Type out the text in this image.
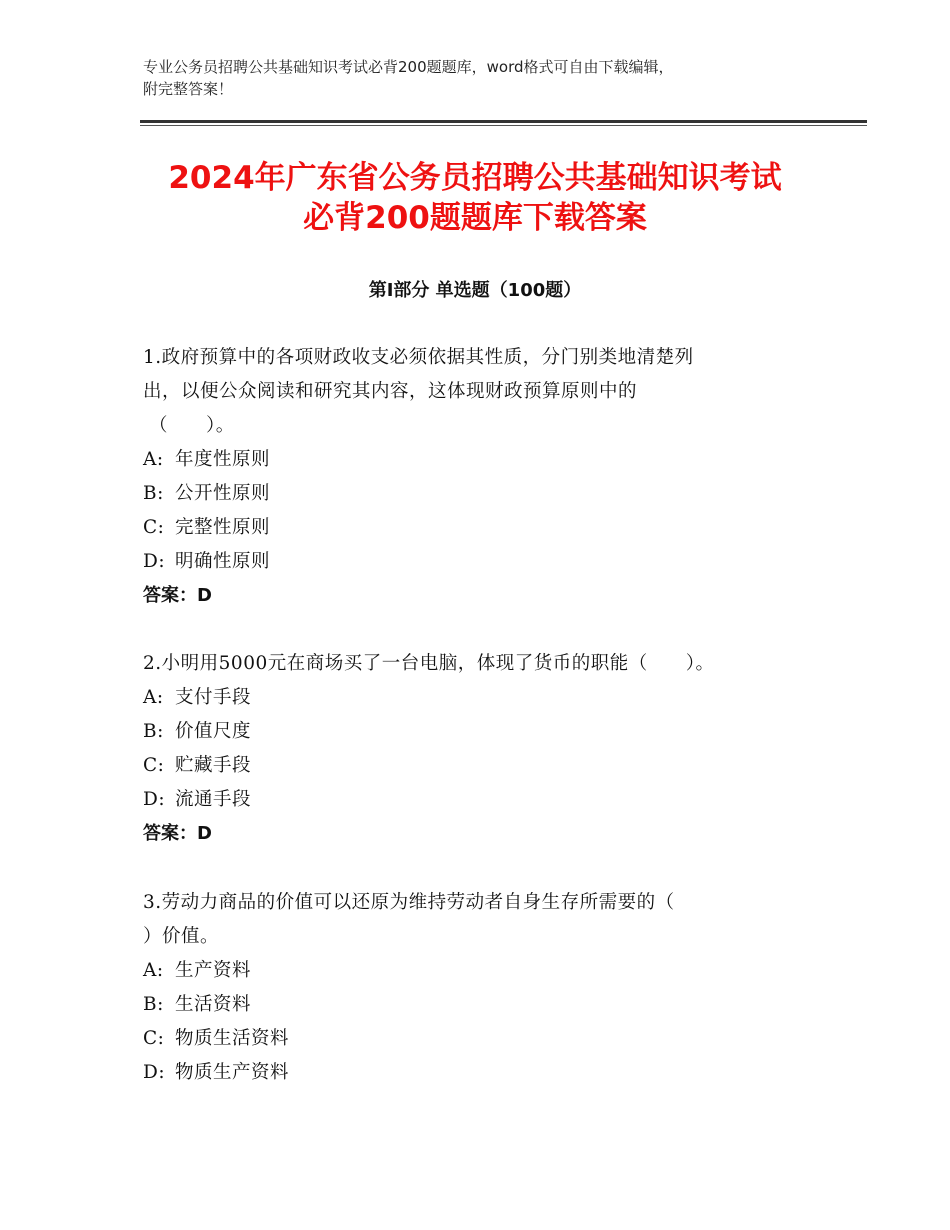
专业公务员招聘公共基础知识考试必背200题题库，word格式可自由下载编辑，
附完整答案！
2024年广东省公务员招聘公共基础知识考试
必背200题题库下载答案
第Ⅰ部分 单选题（100题）
1.政府预算中的各项财政收支必须依据其性质，分门别类地清楚列
出，以便公众阅读和研究其内容，这体现财政预算原则中的
（　　）。
A: 年度性原则
B: 公开性原则
C: 完整性原则
D: 明确性原则
答案：D
2.小明用5000元在商场买了一台电脑，体现了货币的职能（　　）。
A: 支付手段
B: 价值尺度
C: 贮藏手段
D: 流通手段
答案：D
3.劳动力商品的价值可以还原为维持劳动者自身生存所需要的（
）价值。
A: 生产资料
B: 生活资料
C: 物质生活资料
D: 物质生产资料
